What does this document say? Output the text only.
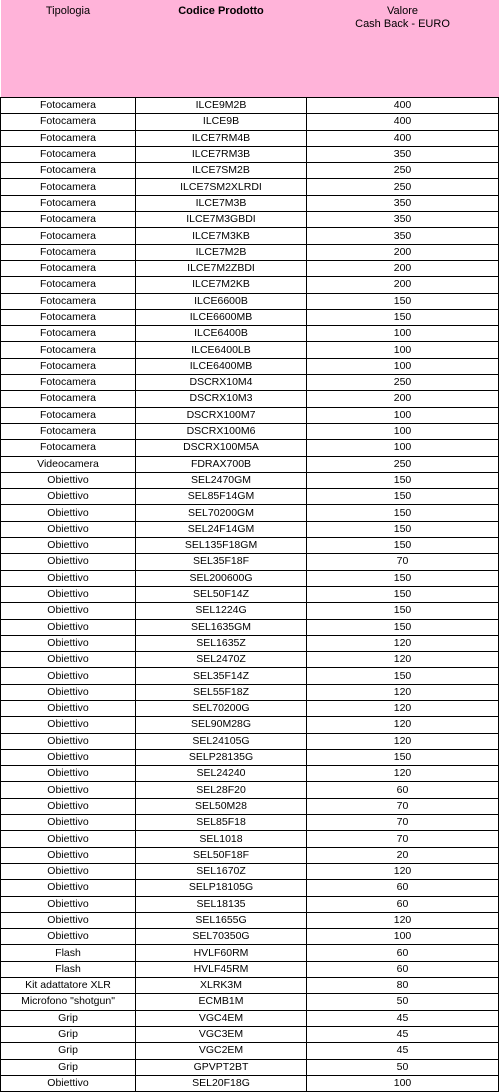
Tipologia	Codice Prodotto	Valore
Cash Back - EURO

Fotocamera	ILCE9M2B	400
Fotocamera	ILCE9B	400
Fotocamera	ILCE7RM4B	400
Fotocamera	ILCE7RM3B	350
Fotocamera	ILCE7SM2B	250
Fotocamera	ILCE7SM2XLRDI	250
Fotocamera	ILCE7M3B	350
Fotocamera	ILCE7M3GBDI	350
Fotocamera	ILCE7M3KB	350
Fotocamera	ILCE7M2B	200
Fotocamera	ILCE7M2ZBDI	200
Fotocamera	ILCE7M2KB	200
Fotocamera	ILCE6600B	150
Fotocamera	ILCE6600MB	150
Fotocamera	ILCE6400B	100
Fotocamera	ILCE6400LB	100
Fotocamera	ILCE6400MB	100
Fotocamera	DSCRX10M4	250
Fotocamera	DSCRX10M3	200
Fotocamera	DSCRX100M7	100
Fotocamera	DSCRX100M6	100
Fotocamera	DSCRX100M5A	100
Videocamera	FDRAX700B	250
Obiettivo	SEL2470GM	150
Obiettivo	SEL85F14GM	150
Obiettivo	SEL70200GM	150
Obiettivo	SEL24F14GM	150
Obiettivo	SEL135F18GM	150
Obiettivo	SEL35F18F	70
Obiettivo	SEL200600G	150
Obiettivo	SEL50F14Z	150
Obiettivo	SEL1224G	150
Obiettivo	SEL1635GM	150
Obiettivo	SEL1635Z	120
Obiettivo	SEL2470Z	120
Obiettivo	SEL35F14Z	150
Obiettivo	SEL55F18Z	120
Obiettivo	SEL70200G	120
Obiettivo	SEL90M28G	120
Obiettivo	SEL24105G	120
Obiettivo	SELP28135G	150
Obiettivo	SEL24240	120
Obiettivo	SEL28F20	60
Obiettivo	SEL50M28	70
Obiettivo	SEL85F18	70
Obiettivo	SEL1018	70
Obiettivo	SEL50F18F	20
Obiettivo	SEL1670Z	120
Obiettivo	SELP18105G	60
Obiettivo	SEL18135	60
Obiettivo	SEL1655G	120
Obiettivo	SEL70350G	100
Flash	HVLF60RM	60
Flash	HVLF45RM	60
Kit adattatore XLR	XLRK3M	80
Microfono "shotgun"	ECMB1M	50
Grip	VGC4EM	45
Grip	VGC3EM	45
Grip	VGC2EM	45
Grip	GPVPT2BT	50
Obiettivo	SEL20F18G	100
